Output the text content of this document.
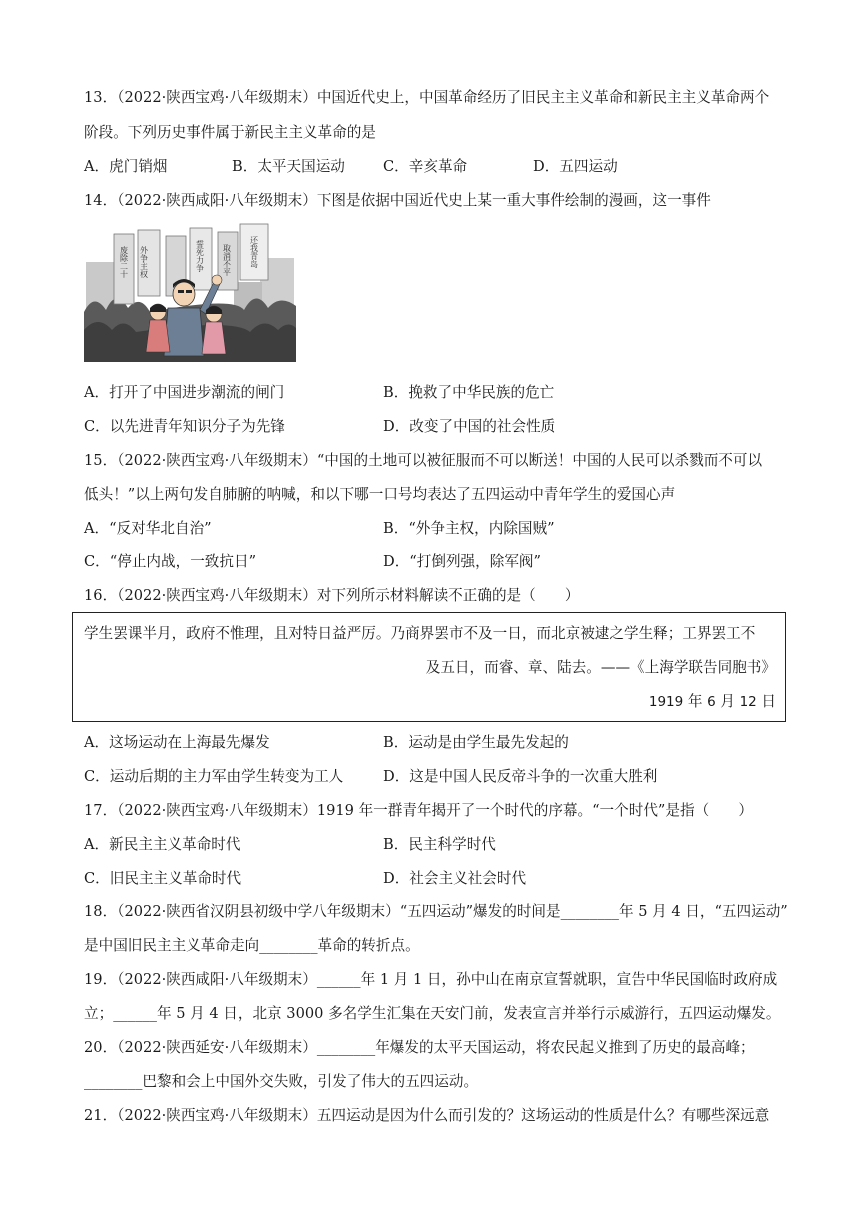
13．（2022·陕西宝鸡·八年级期末）中国近代史上，中国革命经历了旧民主主义革命和新民主主义革命两个
阶段。下列历史事件属于新民主主义革命的是
A．虎门销烟	B．太平天国运动	C．辛亥革命	D．五四运动
14．（2022·陕西咸阳·八年级期末）下图是依据中国近代史上某一重大事件绘制的漫画，这一事件
外争主权	还我青岛
废除二十	誓死力争 取消不平
A．打开了中国进步潮流的闸门	B．挽救了中华民族的危亡
C．以先进青年知识分子为先锋	D．改变了中国的社会性质
15．（2022·陕西宝鸡·八年级期末）“中国的土地可以被征服而不可以断送！中国的人民可以杀戮而不可以
低头！”以上两句发自肺腑的呐喊，和以下哪一口号均表达了五四运动中青年学生的爱国心声
A．“反对华北自治”	B．“外争主权，内除国贼”
C．“停止内战，一致抗日”	D．“打倒列强，除军阀”
16．（2022·陕西宝鸡·八年级期末）对下列所示材料解读不正确的是（　　）
学生罢课半月，政府不惟理，且对特日益严厉。乃商界罢市不及一日，而北京被逮之学生释；工界罢工不
及五日，而睿、章、陆去。——《上海学联告同胞书》
1919 年 6 月 12 日
A．这场运动在上海最先爆发	B．运动是由学生最先发起的
C．运动后期的主力军由学生转变为工人	D．这是中国人民反帝斗争的一次重大胜利
17．（2022·陕西宝鸡·八年级期末）1919 年一群青年揭开了一个时代的序幕。“一个时代”是指（　　）
A．新民主主义革命时代	B．民主科学时代
C．旧民主主义革命时代	D．社会主义社会时代
18．（2022·陕西省汉阴县初级中学八年级期末）“五四运动”爆发的时间是________年 5 月 4 日，“五四运动”
是中国旧民主主义革命走向________革命的转折点。
19．（2022·陕西咸阳·八年级期末）______年 1 月 1 日，孙中山在南京宣誓就职，宣告中华民国临时政府成
立；______年 5 月 4 日，北京 3000 多名学生汇集在天安门前，发表宣言并举行示威游行，五四运动爆发。
20．（2022·陕西延安·八年级期末）________年爆发的太平天国运动，将农民起义推到了历史的最高峰；
________巴黎和会上中国外交失败，引发了伟大的五四运动。
21．（2022·陕西宝鸡·八年级期末）五四运动是因为什么而引发的？这场运动的性质是什么？有哪些深远意
